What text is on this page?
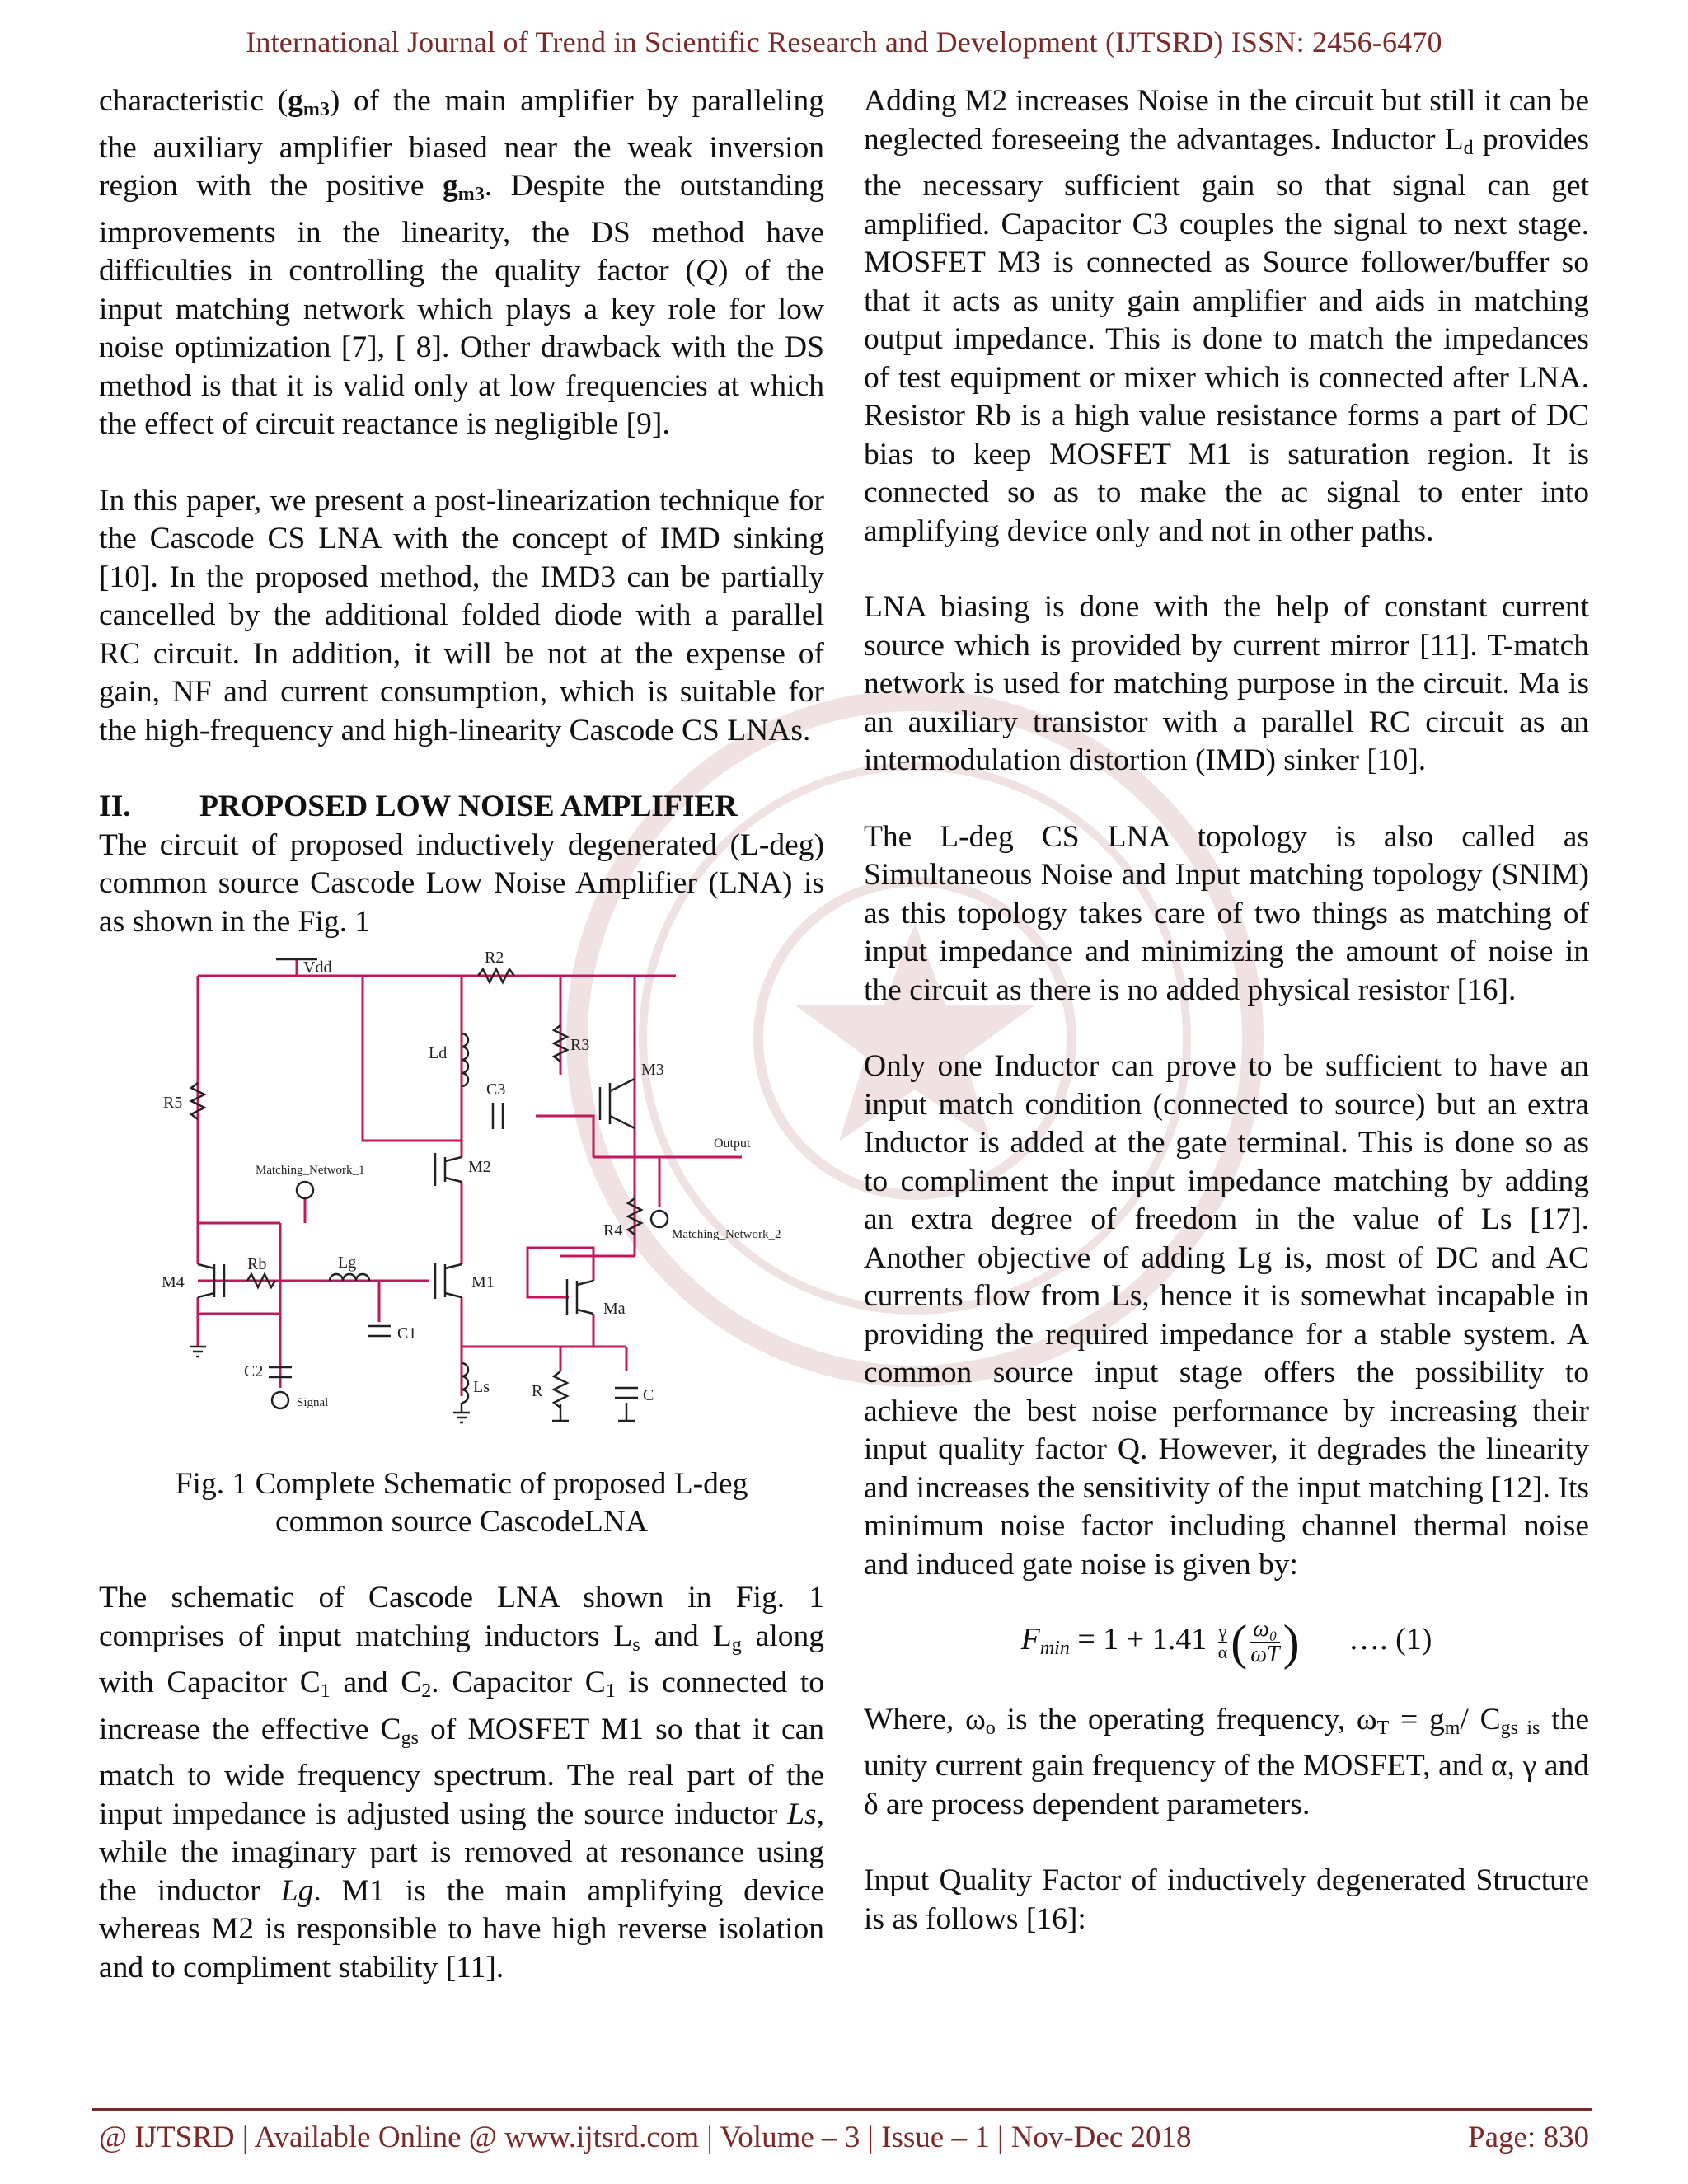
International Journal of Trend in Scientific Research and Development (IJTSRD) ISSN: 2456-6470

characteristic $(g_{m3})$ of the main amplifier by paralleling the auxiliary amplifier biased near the weak inversion region with the positive $g_{m3}$. Despite the outstanding improvements in the linearity, the DS method have difficulties in controlling the quality factor (Q) of the input matching network which plays a key role for low noise optimization [7], [ 8]. Other drawback with the DS method is that it is valid only at low frequencies at which the effect of circuit reactance is negligible [9].

In this paper, we present a post-linearization technique for the Cascode CS LNA with the concept of IMD sinking [10]. In the proposed method, the IMD3 can be partially cancelled by the additional folded diode with a parallel RC circuit. In addition, it will be not at the expense of gain, NF and current consumption, which is suitable for the high-frequency and high-linearity Cascode CS LNAs.

II. PROPOSED LOW NOISE AMPLIFIER

The circuit of proposed inductively degenerated (L-deg) common source Cascode Low Noise Amplifier (LNA) is as shown in the Fig. 1

Vdd
R2
Ld	R3
M3
C3
Output
M2
R5
Matching_Network_1
Matching_Network_2
R4
M4
Rb	Lg
M1
Ma
C1
C2
Ls	R	C
Signal
Fig. 1 Complete Schematic of proposed L-deg
common source CascodeLNA

The schematic of Cascode LNA shown in Fig. 1 comprises of input matching inductors $L_s$ and $L_g$ along with Capacitor $C_1$ and $C_2$. Capacitor $C_1$ is connected to increase the effective $C_{gs}$ of MOSFET M1 so that it can match to wide frequency spectrum. The real part of the input impedance is adjusted using the source inductor Ls, while the imaginary part is removed at resonance using the inductor Lg. M1 is the main amplifying device whereas M2 is responsible to have high reverse isolation and to compliment stability [11].

Adding M2 increases Noise in the circuit but still it can be neglected foreseeing the advantages. Inductor $L_d$ provides the necessary sufficient gain so that signal can get amplified. Capacitor C3 couples the signal to next stage. MOSFET M3 is connected as Source follower/buffer so that it acts as unity gain amplifier and aids in matching output impedance. This is done to match the impedances of test equipment or mixer which is connected after LNA. Resistor Rb is a high value resistance forms a part of DC bias to keep MOSFET M1 is saturation region. It is connected so as to make the ac signal to enter into amplifying device only and not in other paths.

LNA biasing is done with the help of constant current source which is provided by current mirror [11]. T-match network is used for matching purpose in the circuit. Ma is an auxiliary transistor with a parallel RC circuit as an intermodulation distortion (IMD) sinker [10].

The L-deg CS LNA topology is also called as Simultaneous Noise and Input matching topology (SNIM) as this topology takes care of two things as matching of input impedance and minimizing the amount of noise in the circuit as there is no added physical resistor [16].

Only one Inductor can prove to be sufficient to have an input match condition (connected to source) but an extra Inductor is added at the gate terminal. This is done so as to compliment the input impedance matching by adding an extra degree of freedom in the value of Ls [17]. Another objective of adding Lg is, most of DC and AC currents flow from Ls, hence it is somewhat incapable in providing the required impedance for a stable system. A common source input stage offers the possibility to achieve the best noise performance by increasing their input quality factor Q. However, it degrades the linearity and increases the sensitivity of the input matching [12]. Its minimum noise factor including channel thermal noise and induced gate noise is given by:

$F_{min} = 1 + 1.41 \frac{\gamma}{\alpha}$ ( $\frac{\text{ω₀}}{\omega T}$ ) …. (1)

Where, $\omega_o$ is the operating frequency, $\omega_T = g_m/$ $C_{gs is}$ the unity current gain frequency of the MOSFET, and α, γ and δ are process dependent parameters.

Input Quality Factor of inductively degenerated Structure is as follows [16]:

@ IJTSRD | Available Online @ www.ijtsrd.com | Volume – 3 | Issue – 1 | Nov-Dec 2018	Page: 830
